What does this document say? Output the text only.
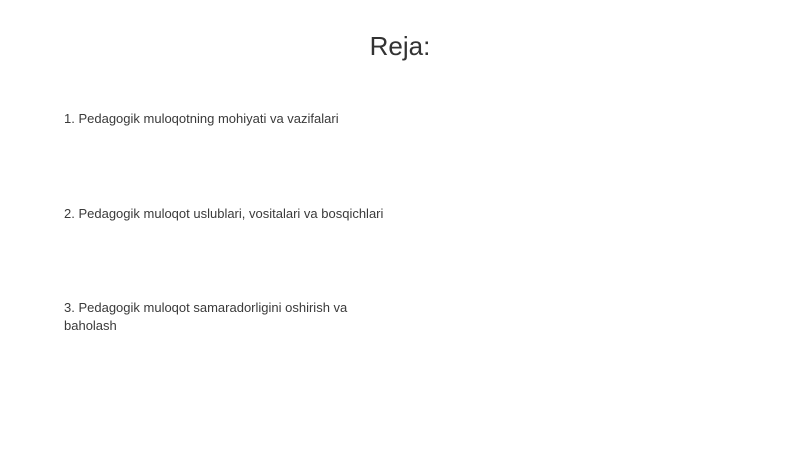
Reja:
1. Pedagogik muloqotning mohiyati va vazifalari
2. Pedagogik muloqot uslublari, vositalari va bosqichlari
3. Pedagogik muloqot samaradorligini oshirish va baholash
